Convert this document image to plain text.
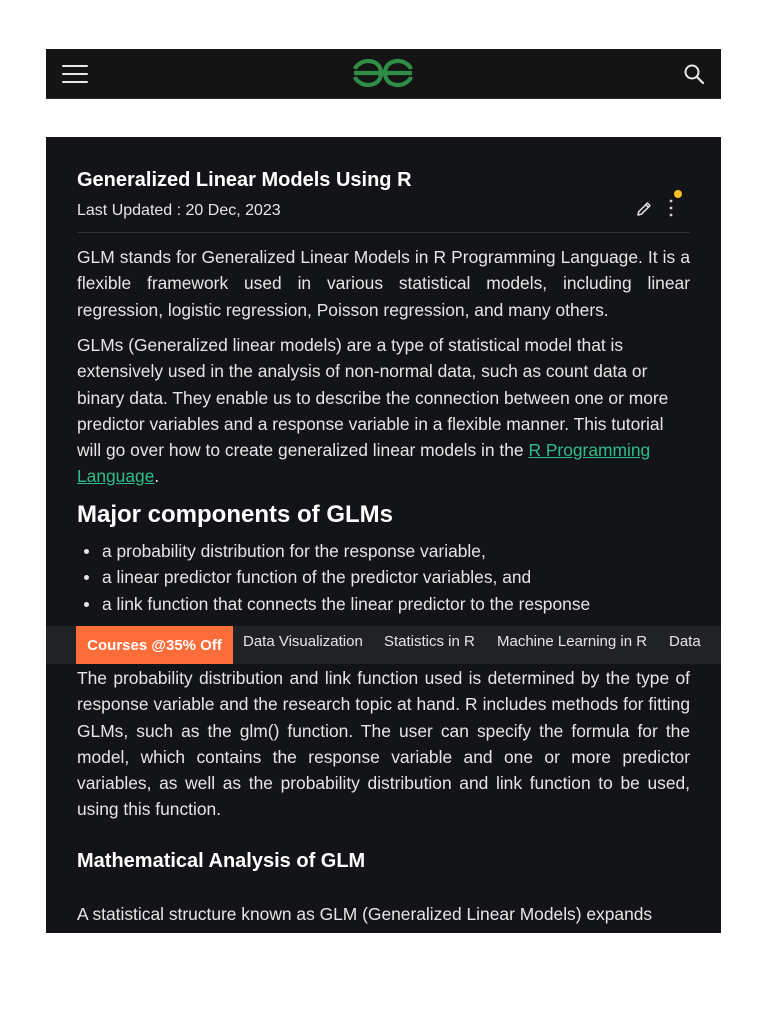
Generalized Linear Models Using R
Last Updated : 20 Dec, 2023

GLM stands for Generalized Linear Models in R Programming Language. It is a flexible framework used in various statistical models, including linear regression, logistic regression, Poisson regression, and many others.

GLMs (Generalized linear models) are a type of statistical model that is extensively used in the analysis of non-normal data, such as count data or binary data. They enable us to describe the connection between one or more predictor variables and a response variable in a flexible manner. This tutorial will go over how to create generalized linear models in the R Programming Language.

Major components of GLMs
a probability distribution for the response variable,
a linear predictor function of the predictor variables, and
a link function that connects the linear predictor to the response

The probability distribution and link function used is determined by the type of response variable and the research topic at hand. R includes methods for fitting GLMs, such as the glm() function. The user can specify the formula for the model, which contains the response variable and one or more predictor variables, as well as the probability distribution and link function to be used, using this function.

Mathematical Analysis of GLM

A statistical structure known as GLM (Generalized Linear Models) expands

Courses @35% Off	Data Visualization Statistics in R Machine Learning in R Data
